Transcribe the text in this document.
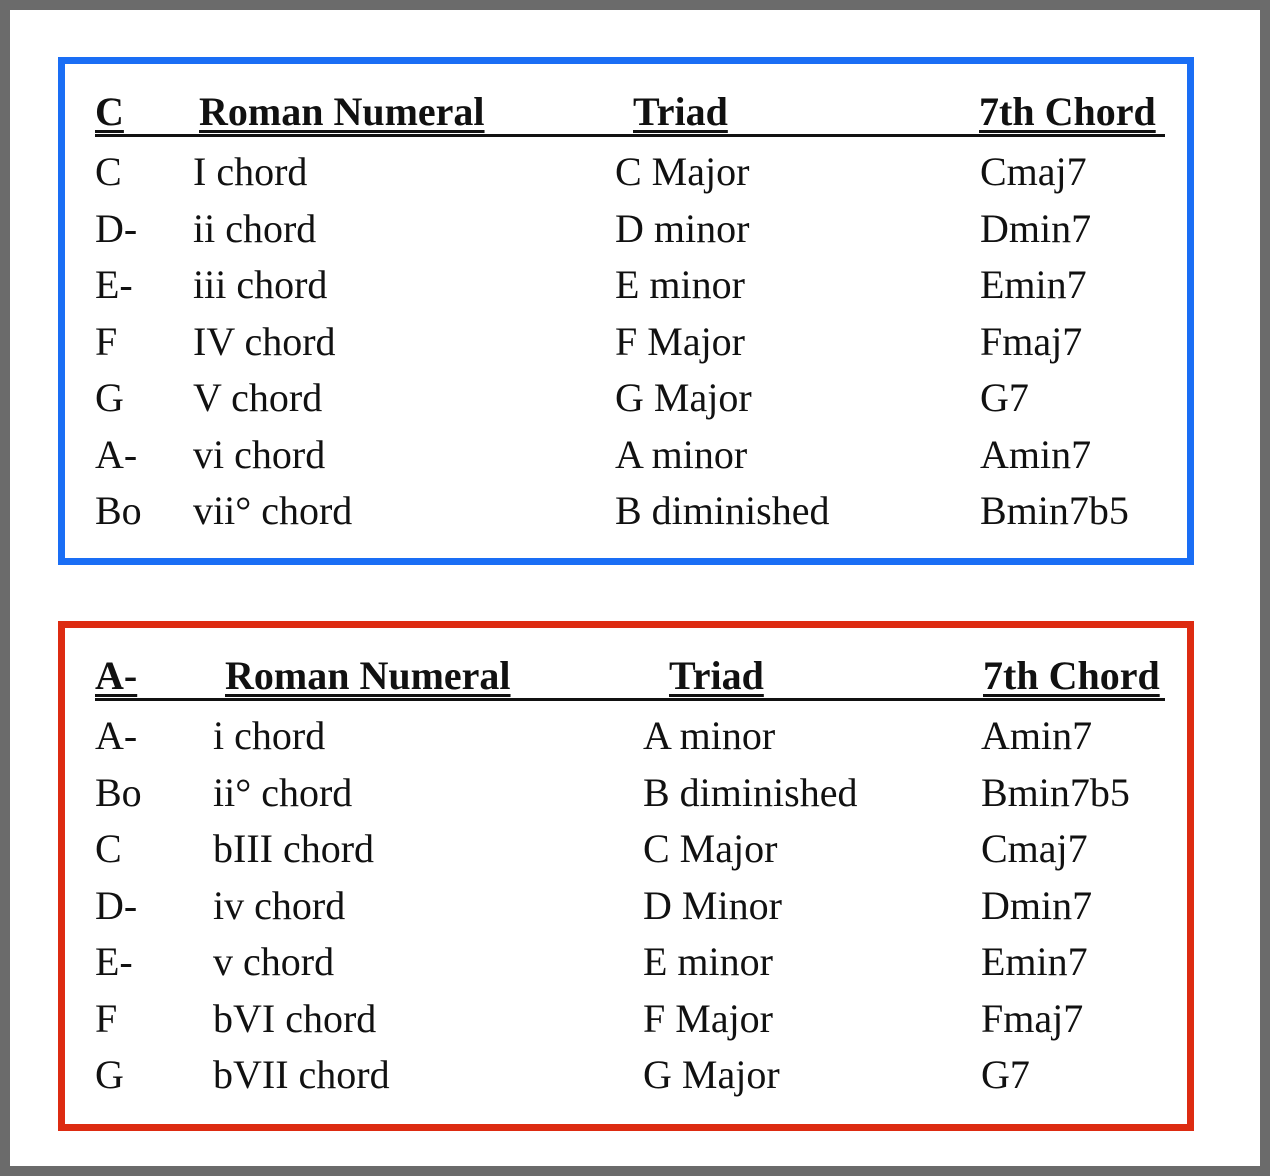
C Roman Numeral	Triad	7th Chord
C I chord	C Major	Cmaj7
D- ii chord	D minor	Dmin7
E- iii chord	E minor	Emin7
F IV chord	F Major	Fmaj7
G V chord	G Major	G7
A- vi chord	A minor	Amin7
Bo vii° chord	B diminished	Bmin7b5
A- Roman Numeral	Triad	7th Chord
A- i chord	A minor	Amin7
Bo ii° chord	B diminished	Bmin7b5
C bIII chord	C Major	Cmaj7
D- iv chord	D Minor	Dmin7
E- v chord	E minor	Emin7
F bVI chord	F Major	Fmaj7
G bVII chord	G Major	G7
